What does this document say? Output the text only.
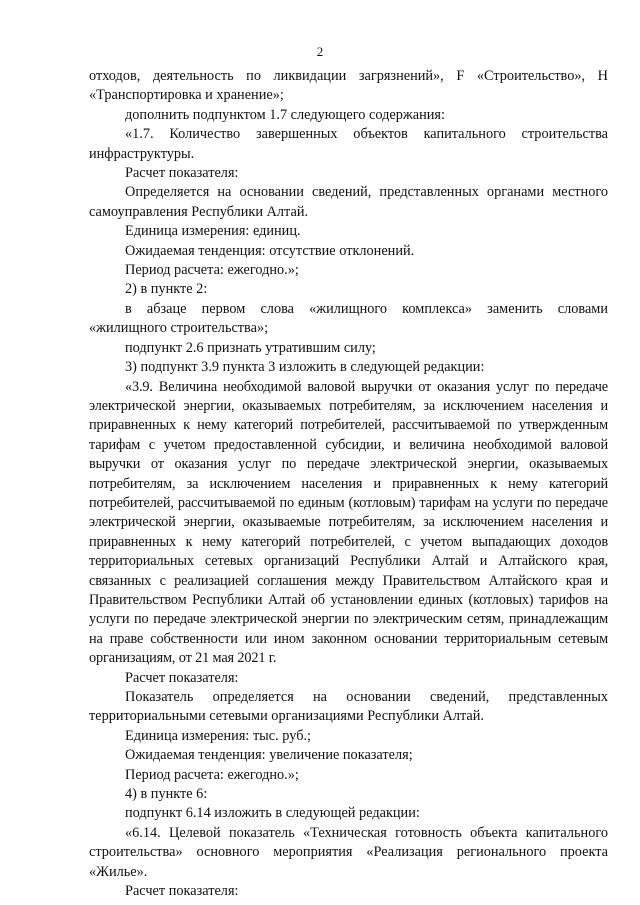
2

отходов, деятельность по ликвидации загрязнений», F «Строительство», H «Транспортировка и хранение»;

дополнить подпунктом 1.7 следующего содержания:

«1.7. Количество завершенных объектов капитального строительства инфраструктуры.

Расчет показателя:

Определяется на основании сведений, представленных органами местного самоуправления Республики Алтай.

Единица измерения: единиц.

Ожидаемая тенденция: отсутствие отклонений.

Период расчета: ежегодно.»;

2) в пункте 2:

в абзаце первом слова «жилищного комплекса» заменить словами «жилищного строительства»;

подпункт 2.6 признать утратившим силу;

3) подпункт 3.9 пункта 3 изложить в следующей редакции:

«3.9. Величина необходимой валовой выручки от оказания услуг по передаче электрической энергии, оказываемых потребителям, за исключением населения и приравненных к нему категорий потребителей, рассчитываемой по утвержденным тарифам с учетом предоставленной субсидии, и величина необходимой валовой выручки от оказания услуг по передаче электрической энергии, оказываемых потребителям, за исключением населения и приравненных к нему категорий потребителей, рассчитываемой по единым (котловым) тарифам на услуги по передаче электрической энергии, оказываемые потребителям, за исключением населения и приравненных к нему категорий потребителей, с учетом выпадающих доходов территориальных сетевых организаций Республики Алтай и Алтайского края, связанных с реализацией соглашения между Правительством Алтайского края и Правительством Республики Алтай об установлении единых (котловых) тарифов на услуги по передаче электрической энергии по электрическим сетям, принадлежащим на праве собственности или ином законном основании территориальным сетевым организациям, от 21 мая 2021 г.

Расчет показателя:

Показатель определяется на основании сведений, представленных территориальными сетевыми организациями Республики Алтай.

Единица измерения: тыс. руб.;

Ожидаемая тенденция: увеличение показателя;

Период расчета: ежегодно.»;

4) в пункте 6:

подпункт 6.14 изложить в следующей редакции:

«6.14. Целевой показатель «Техническая готовность объекта капитального строительства» основного мероприятия «Реализация регионального проекта «Жилье».

Расчет показателя:
